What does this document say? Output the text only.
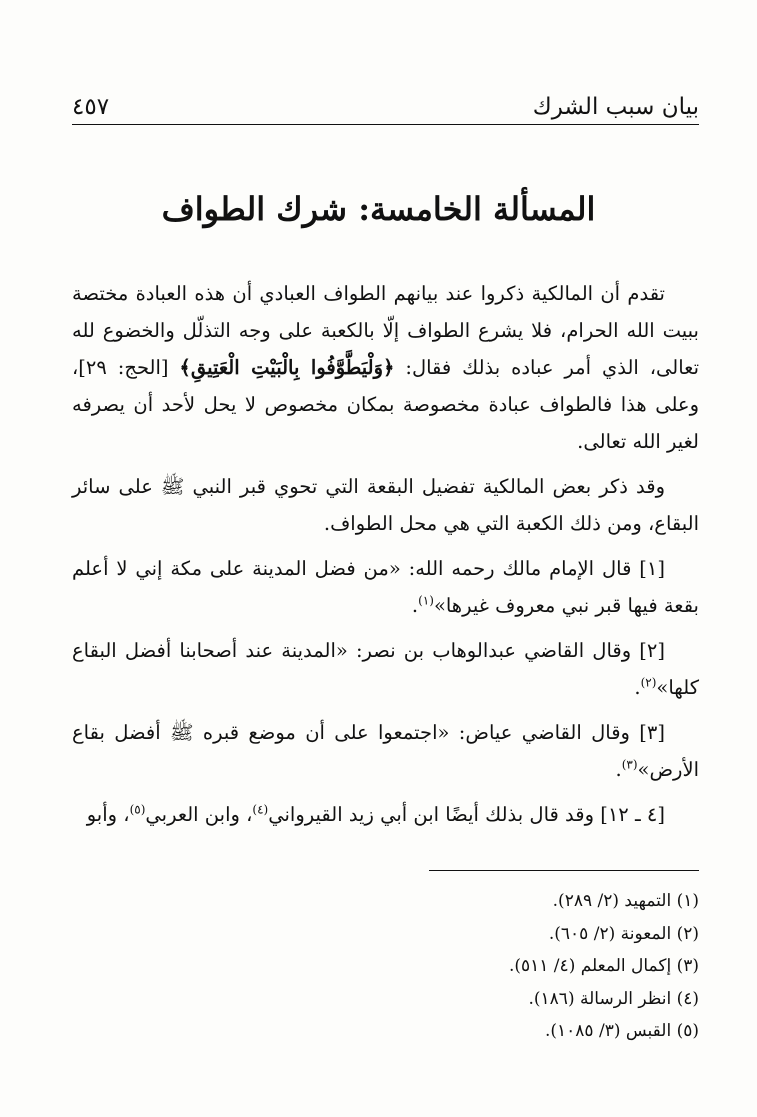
بيان سبب الشرك
٤٥٧
المسألة الخامسة: شرك الطواف

تقدم أن المالكية ذكروا عند بيانهم الطواف العبادي أن هذه العبادة مختصة ببيت الله الحرام، فلا يشرع الطواف إلّا بالكعبة على وجه التذلّل والخضوع لله تعالى، الذي أمر عباده بذلك فقال: ﴿وَلْيَطَّوَّفُوا بِالْبَيْتِ الْعَتِيقِ﴾ [الحج: ٢٩]، وعلى هذا فالطواف عبادة مخصوصة بمكان مخصوص لا يحل لأحد أن يصرفه لغير الله تعالى.

وقد ذكر بعض المالكية تفضيل البقعة التي تحوي قبر النبي ﷺ على سائر البقاع، ومن ذلك الكعبة التي هي محل الطواف.

[١] قال الإمام مالك رحمه الله: «من فضل المدينة على مكة إني لا أعلم بقعة فيها قبر نبي معروف غيرها»$^{(١)}$.

[٢] وقال القاضي عبدالوهاب بن نصر: «المدينة عند أصحابنا أفضل البقاع كلها»$^{(٢)}$.

[٣] وقال القاضي عياض: «اجتمعوا على أن موضع قبره ﷺ أفضل بقاع الأرض»$^{(٣)}$.

[٤ ـ ١٢] وقد قال بذلك أيضًا ابن أبي زيد القيرواني$^{(٤)}$، وابن العربي$^{(٥)}$، وأبو

(١) التمهيد (٢/ ٢٨٩).
(٢) المعونة (٢/ ٦٠٥).
(٣) إكمال المعلم (٤/ ٥١١).
(٤) انظر الرسالة (١٨٦).
(٥) القبس (٣/ ١٠٨٥).
